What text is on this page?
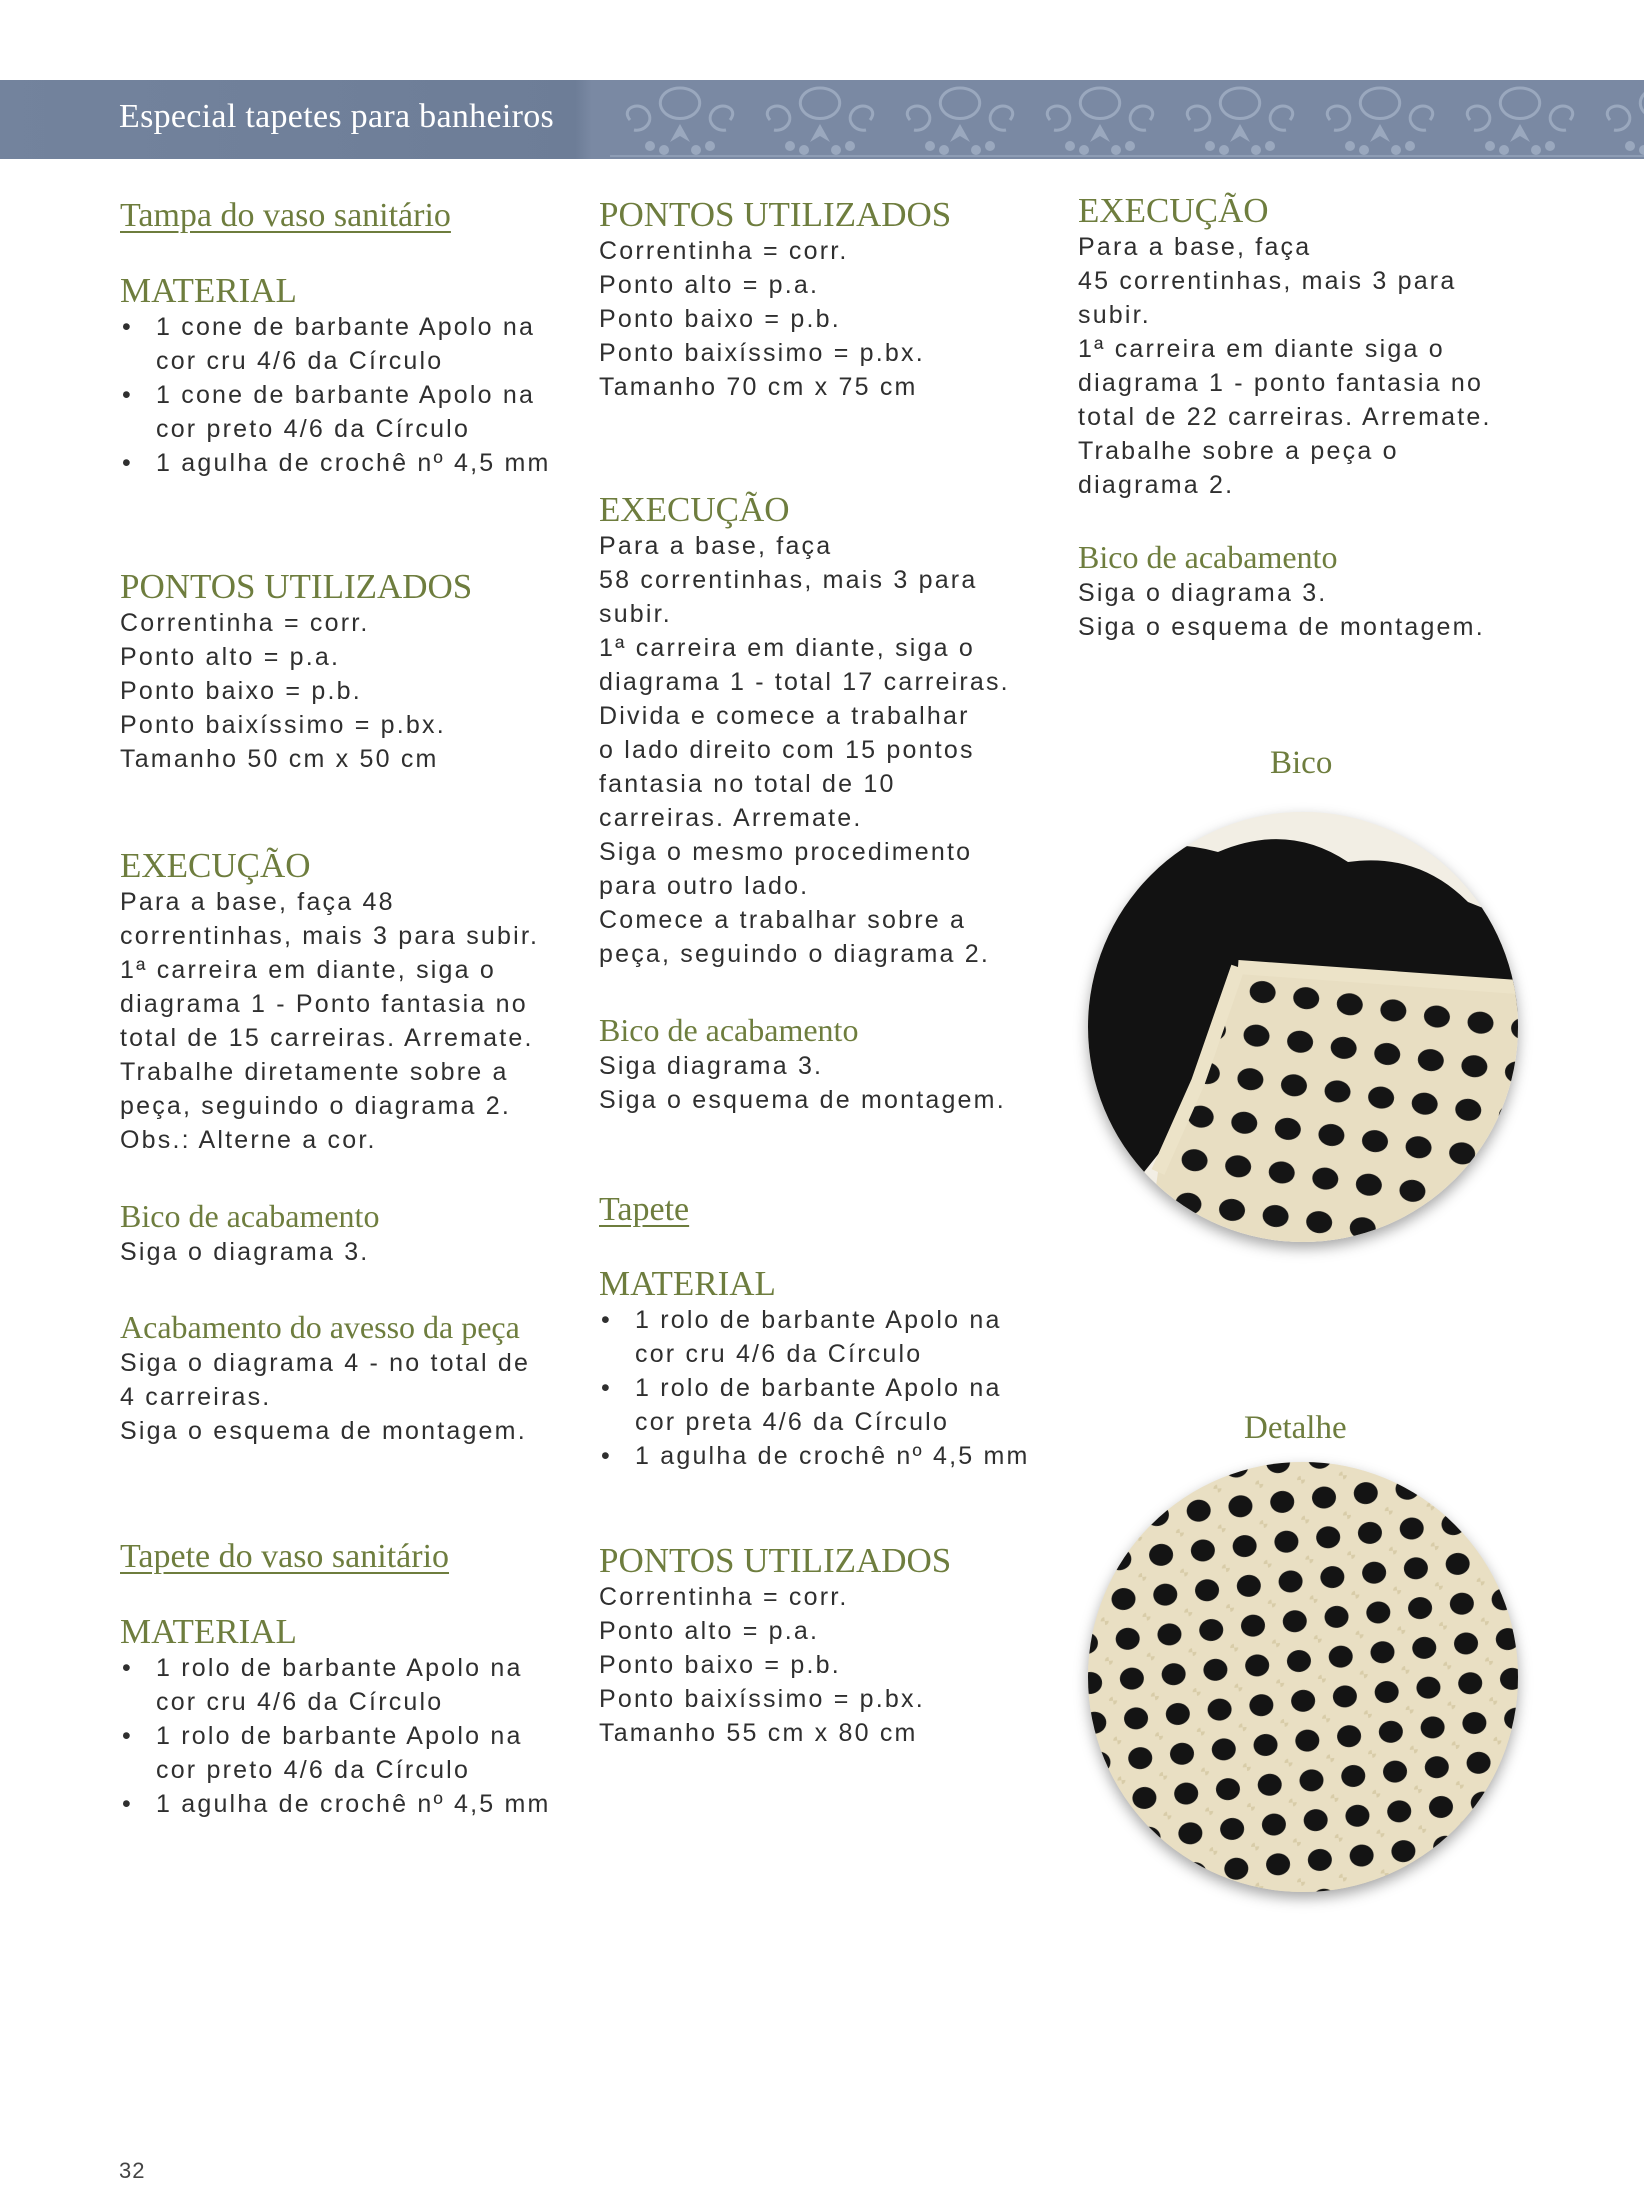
Especial tapetes para banheiros

Tampa do vaso sanitário

MATERIAL

• 1 cone de barbante Apolo na
cor cru 4/6 da Círculo
• 1 cone de barbante Apolo na
cor preto 4/6 da Círculo
• 1 agulha de crochê nº 4,5 mm

PONTOS UTILIZADOS

Correntinha = corr.
Ponto alto = p.a.
Ponto baixo = p.b.
Ponto baixíssimo = p.bx.
Tamanho 50 cm x 50 cm

EXECUÇÃO

Para a base, faça 48
correntinhas, mais 3 para subir.
1ª carreira em diante, siga o
diagrama 1 - Ponto fantasia no
total de 15 carreiras. Arremate.
Trabalhe diretamente sobre a
peça, seguindo o diagrama 2.
Obs.: Alterne a cor.

Bico de acabamento

Siga o diagrama 3.

Acabamento do avesso da peça

Siga o diagrama 4 - no total de
4 carreiras.
Siga o esquema de montagem.

Tapete do vaso sanitário

MATERIAL

• 1 rolo de barbante Apolo na
cor cru 4/6 da Círculo
• 1 rolo de barbante Apolo na
cor preto 4/6 da Círculo
• 1 agulha de crochê nº 4,5 mm

PONTOS UTILIZADOS

Correntinha = corr.
Ponto alto = p.a.
Ponto baixo = p.b.
Ponto baixíssimo = p.bx.
Tamanho 70 cm x 75 cm

EXECUÇÃO

Para a base, faça
58 correntinhas, mais 3 para
subir.
1ª carreira em diante, siga o
diagrama 1 - total 17 carreiras.
Divida e comece a trabalhar
o lado direito com 15 pontos
fantasia no total de 10
carreiras. Arremate.
Siga o mesmo procedimento
para outro lado.
Comece a trabalhar sobre a
peça, seguindo o diagrama 2.

Bico de acabamento

Siga diagrama 3.
Siga o esquema de montagem.

Tapete

MATERIAL

• 1 rolo de barbante Apolo na
cor cru 4/6 da Círculo
• 1 rolo de barbante Apolo na
cor preta 4/6 da Círculo
• 1 agulha de crochê nº 4,5 mm

PONTOS UTILIZADOS

Correntinha = corr.
Ponto alto = p.a.
Ponto baixo = p.b.
Ponto baixíssimo = p.bx.
Tamanho 55 cm x 80 cm

EXECUÇÃO

Para a base, faça
45 correntinhas, mais 3 para
subir.
1ª carreira em diante siga o
diagrama 1 - ponto fantasia no
total de 22 carreiras. Arremate.
Trabalhe sobre a peça o
diagrama 2.

Bico de acabamento

Siga o diagrama 3.
Siga o esquema de montagem.

Bico
Detalhe
32
